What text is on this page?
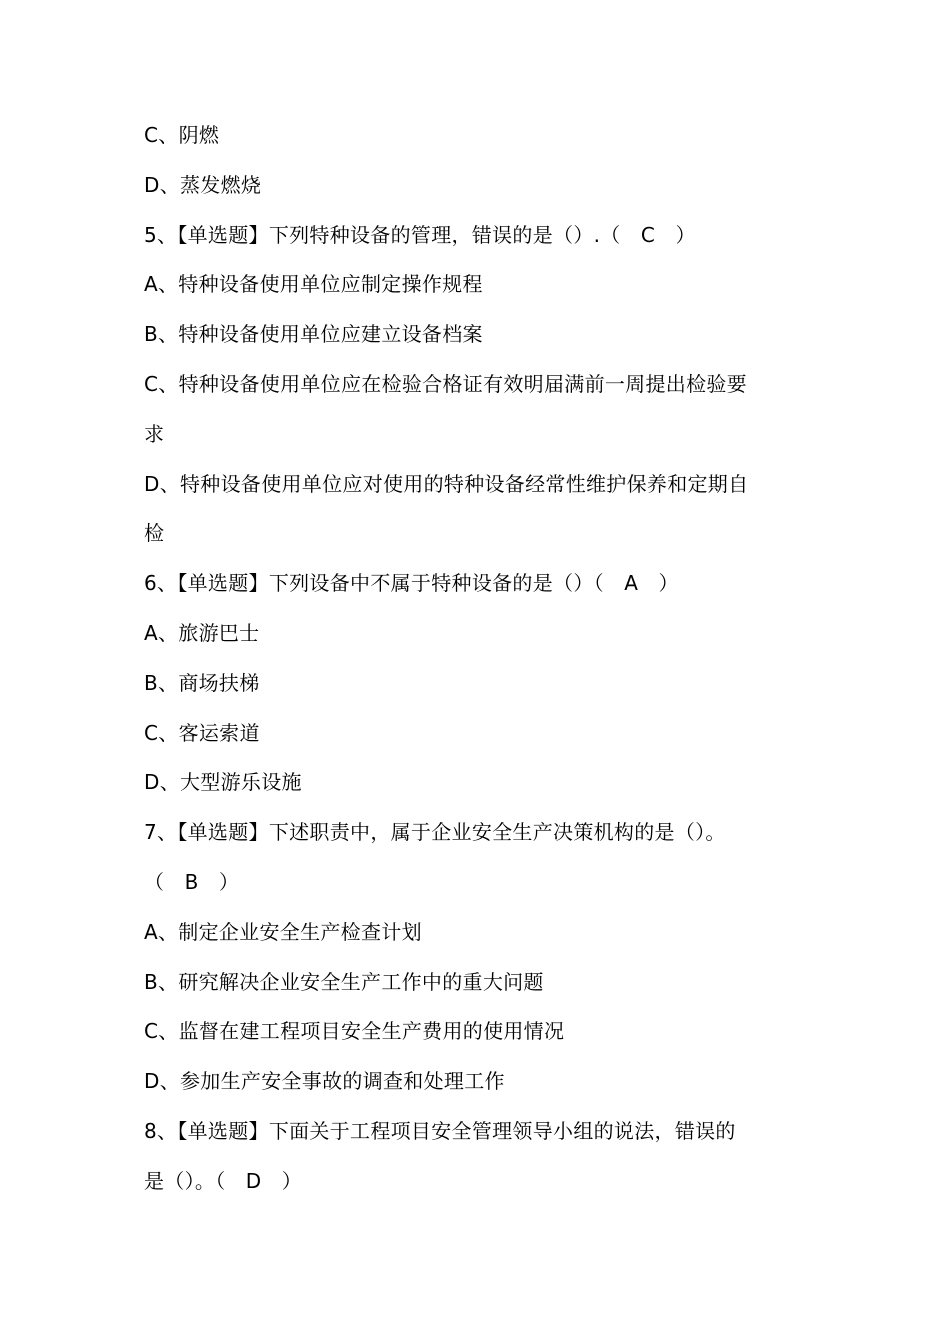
C、阴燃
D、蒸发燃烧
5、【单选题】下列特种设备的管理，错误的是（）.（　C　）
A、特种设备使用单位应制定操作规程
B、特种设备使用单位应建立设备档案
C、特种设备使用单位应在检验合格证有效明届满前一周提出检验要
求
D、特种设备使用单位应对使用的特种设备经常性维护保养和定期自
检
6、【单选题】下列设备中不属于特种设备的是（）（　A　）
A、旅游巴士
B、商场扶梯
C、客运索道
D、大型游乐设施
7、【单选题】下述职责中，属于企业安全生产决策机构的是（）。
（　B　）
A、制定企业安全生产检查计划
B、研究解决企业安全生产工作中的重大问题
C、监督在建工程项目安全生产费用的使用情况
D、参加生产安全事故的调查和处理工作
8、【单选题】下面关于工程项目安全管理领导小组的说法，错误的
是（）。（　D　）
